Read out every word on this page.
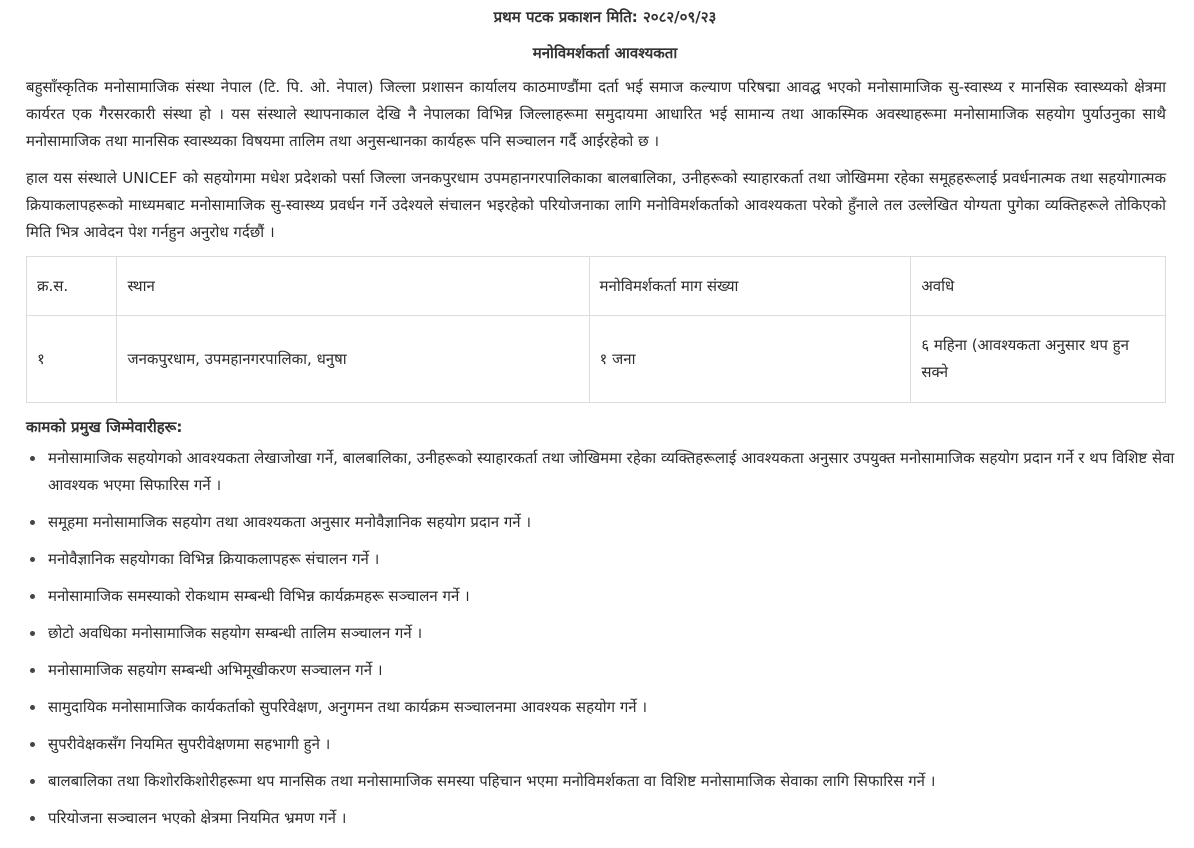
प्रथम पटक प्रकाशन मिति: २०८२/०९/२३
मनोविमर्शकर्ता आवश्यकता

बहुसाँस्कृतिक मनोसामाजिक संस्था नेपाल (टि. पि. ओ. नेपाल) जिल्ला प्रशासन कार्यालय काठमाण्डौंमा दर्ता भई समाज कल्याण परिषद्मा आवद्घ भएको मनोसामाजिक सु-स्वास्थ्य र मानसिक स्वास्थ्यको क्षेत्रमा कार्यरत एक गैरसरकारी संस्था हो । यस संस्थाले स्थापनाकाल देखि नै नेपालका विभिन्न जिल्लाहरूमा समुदायमा आधारित भई सामान्य तथा आकस्मिक अवस्थाहरूमा मनोसामाजिक सहयोग पुर्याउनुका साथै मनोसामाजिक तथा मानसिक स्वास्थ्यका विषयमा तालिम तथा अनुसन्धानका कार्यहरू पनि सञ्चालन गर्दै आईरहेको छ ।

हाल यस संस्थाले UNICEF को सहयोगमा मधेश प्रदेशको पर्सा जिल्ला जनकपुरधाम उपमहानगरपालिकाका बालबालिका, उनीहरूको स्याहारकर्ता तथा जोखिममा रहेका समूहहरूलाई प्रवर्धनात्मक तथा सहयोगात्मक क्रियाकलापहरूको माध्यमबाट मनोसामाजिक सु-स्वास्थ्य प्रवर्धन गर्ने उदेश्यले संचालन भइरहेको परियोजनाका लागि मनोविमर्शकर्ताको आवश्यकता परेको हुँनाले तल उल्लेखित योग्यता पुगेका व्यक्तिहरूले तोकिएको मिति भित्र आवेदन पेश गर्नहुन अनुरोध गर्दछौं ।

क्र.स.	स्थान	मनोविमर्शकर्ता माग संख्या	अवधि
१	जनकपुरधाम, उपमहानगरपालिका, धनुषा	१ जना	६ महिना (आवश्यकता अनुसार थप हुन सक्ने
कामको प्रमुख जिम्मेवारीहरू:
• मनोसामाजिक सहयोगको आवश्यकता लेखाजोखा गर्ने, बालबालिका, उनीहरूको स्याहारकर्ता तथा जोखिममा रहेका व्यक्तिहरूलाई आवश्यकता अनुसार उपयुक्त मनोसामाजिक सहयोग प्रदान गर्ने र थप विशिष्ट सेवा आवश्यक भएमा सिफारिस गर्ने ।
• समूहमा मनोसामाजिक सहयोग तथा आवश्यकता अनुसार मनोवैज्ञानिक सहयोग प्रदान गर्ने ।
• मनोवैज्ञानिक सहयोगका विभिन्न क्रियाकलापहरू संचालन गर्ने ।
• मनोसामाजिक समस्याको रोकथाम सम्बन्धी विभिन्न कार्यक्रमहरू सञ्चालन गर्ने ।
• छोटो अवधिका मनोसामाजिक सहयोग सम्बन्धी तालिम सञ्चालन गर्ने ।
• मनोसामाजिक सहयोग सम्बन्धी अभिमूखीकरण सञ्चालन गर्ने ।
• सामुदायिक मनोसामाजिक कार्यकर्ताको सुपरिवेक्षण, अनुगमन तथा कार्यक्रम सञ्चालनमा आवश्यक सहयोग गर्ने ।
• सुपरीवेक्षकसँग नियमित सुपरीवेक्षणमा सहभागी हुने ।
• बालबालिका तथा किशोरकिशोरीहरूमा थप मानसिक तथा मनोसामाजिक समस्या पहिचान भएमा मनोविमर्शकता वा विशिष्ट मनोसामाजिक सेवाका लागि सिफारिस गर्ने ।
• परियोजना सञ्चालन भएको क्षेत्रमा नियमित भ्रमण गर्ने ।
